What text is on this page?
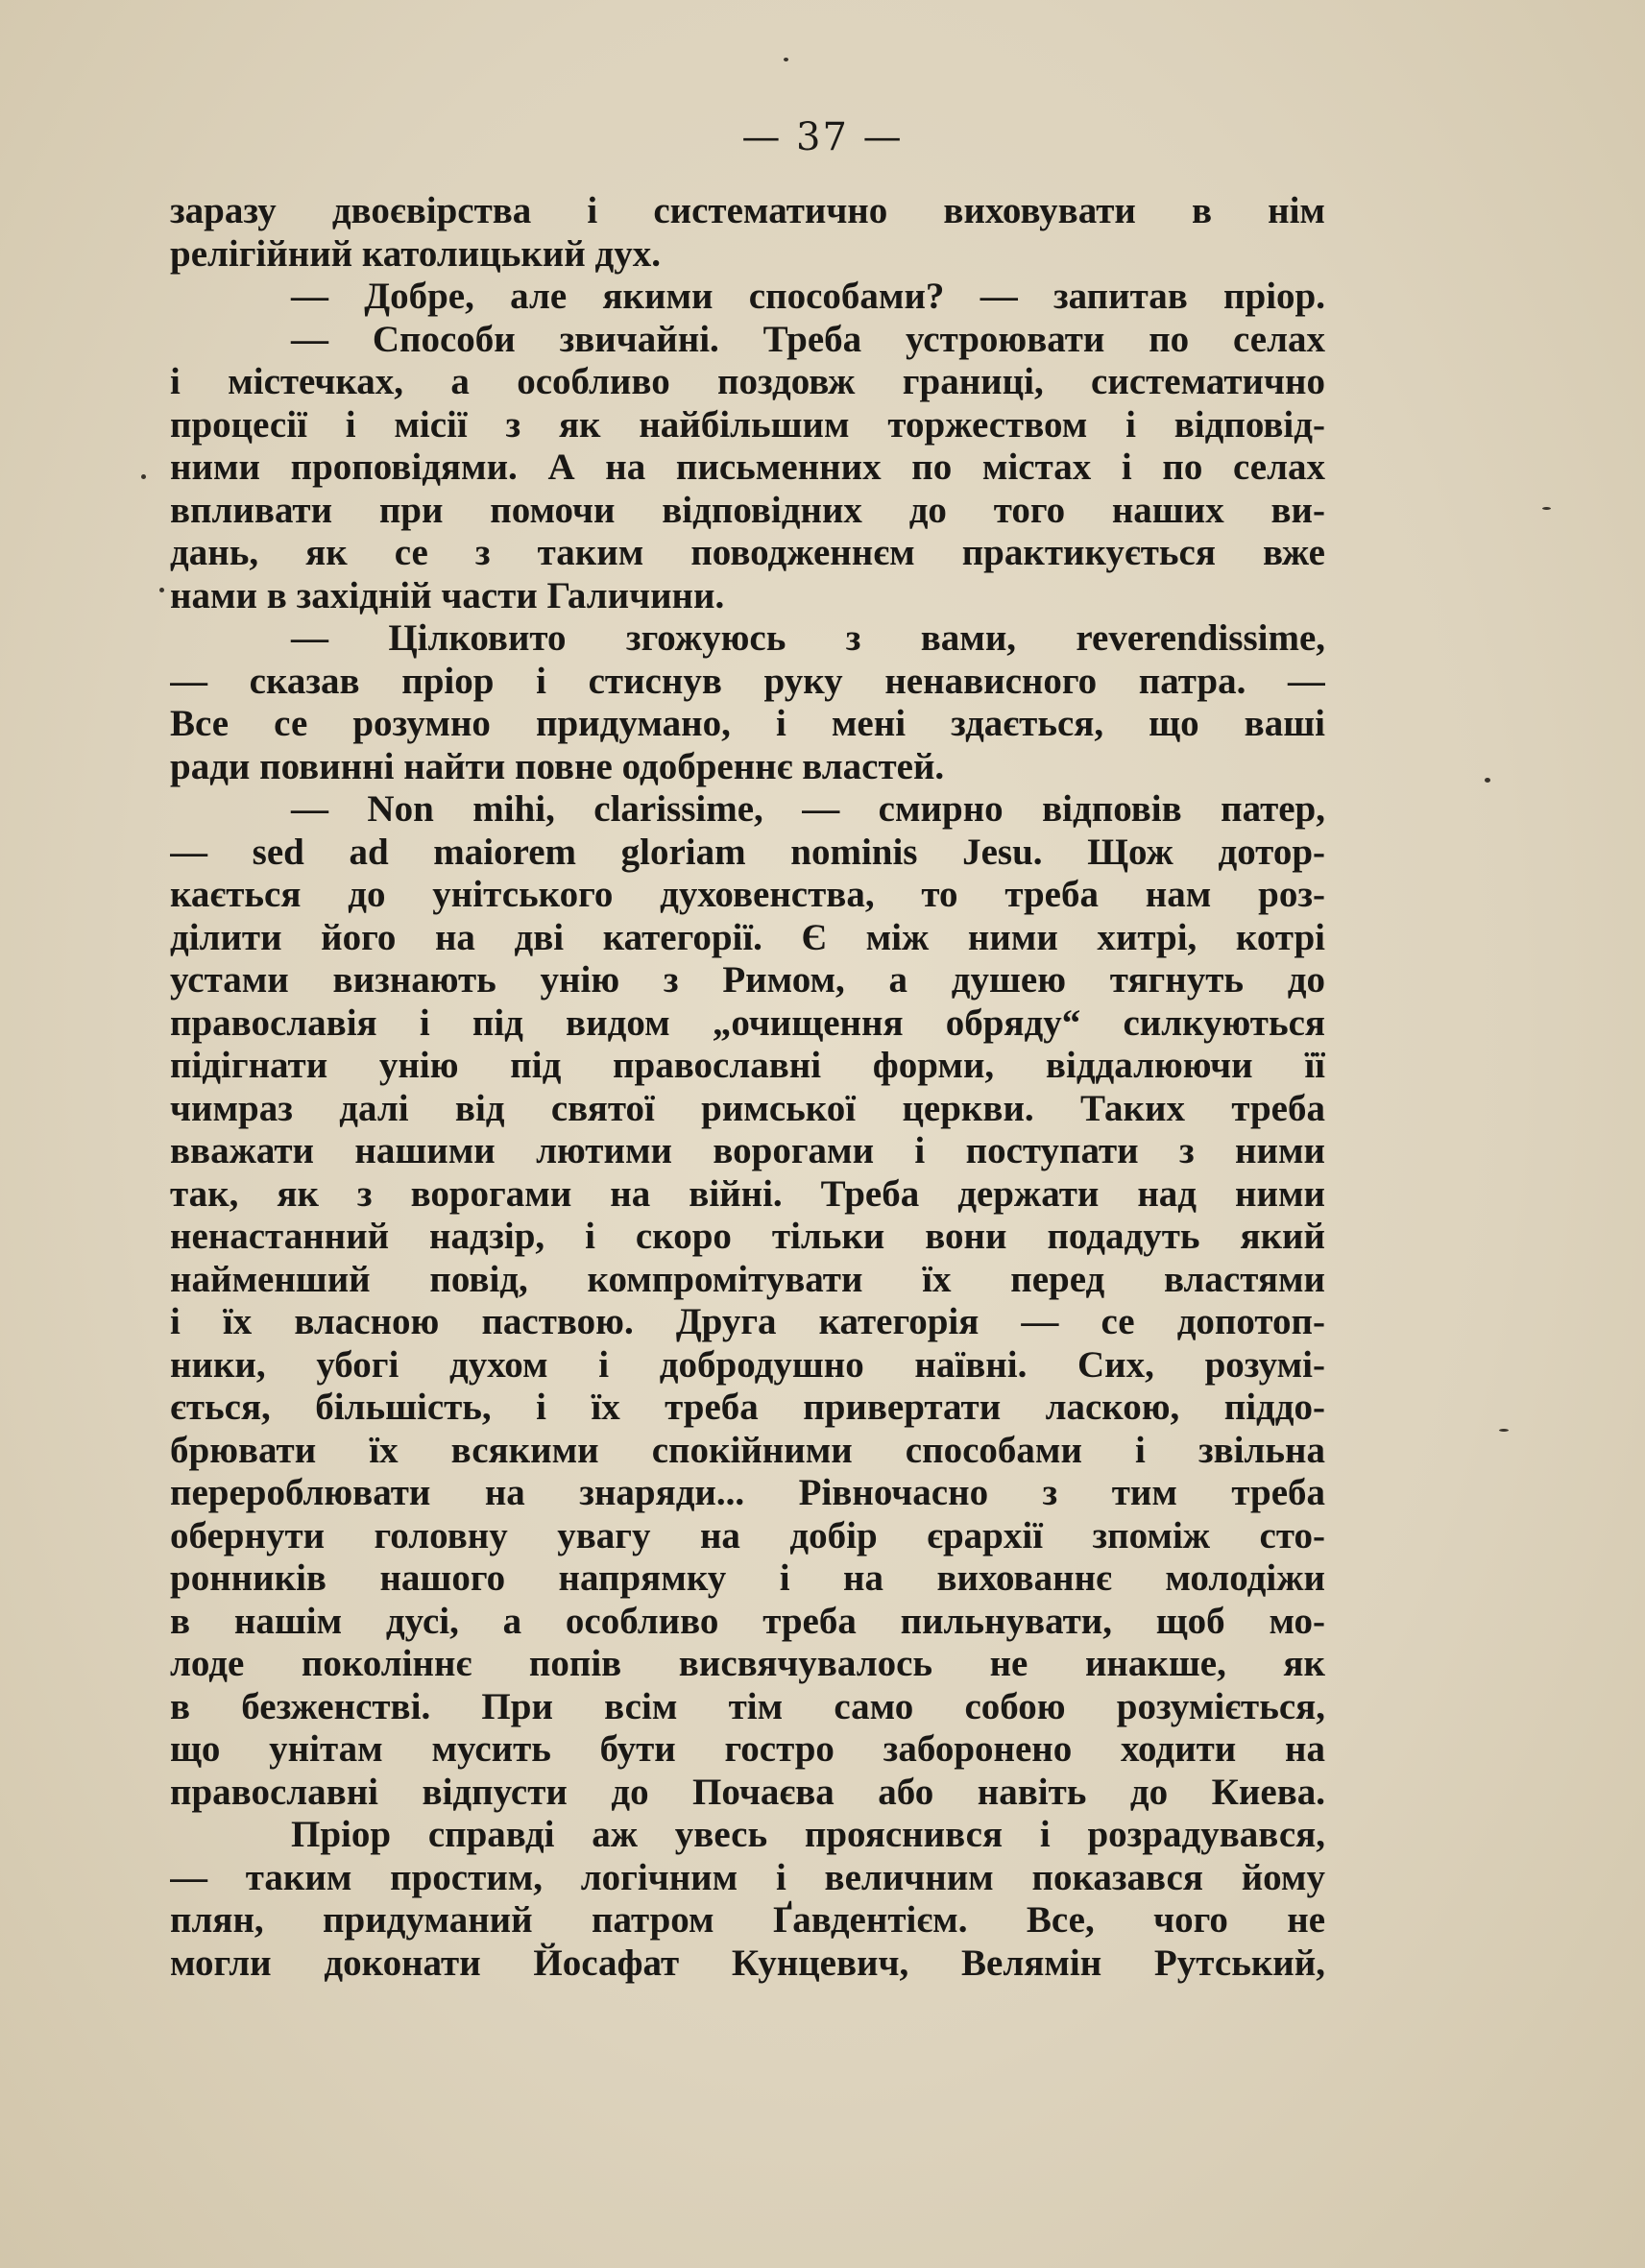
— 37 —
заразу двоєвірства і систематично виховувати в нім
релігійний католицький дух.
— Добре, але якими способами? — запитав пріор.
— Способи звичайні. Треба устроювати по селах
і містечках, а особливо поздовж границі, систематично
процесії і місії з як найбільшим торжеством і відповід-
ними проповідями. А на письменних по містах і по селах
впливати при помочи відповідних до того наших ви-
дань, як се з таким поводженнєм практикується вже
нами в західній части Галичини.
— Цілковито згожуюсь з вами, reverendissime,
— сказав пріор і стиснув руку ненависного патра. —
Все се розумно придумано, і мені здається, що ваші
ради повинні найти повне одобреннє властей.
— Non mihi, clarissime, — смирно відповів патер,
— sed ad maiorem gloriam nominis Jesu. Щож дотор-
кається до унітського духовенства, то треба нам роз-
ділити його на дві категорії. Є між ними хитрі, котрі
устами визнають унію з Римом, а душею тягнуть до
православія і під видом „очищення обряду“ силкуються
підігнати унію під православні форми, віддалюючи її
чимраз далі від святої римської церкви. Таких треба
вважати нашими лютими ворогами і поступати з ними
так, як з ворогами на війні. Треба держати над ними
ненастанний надзір, і скоро тільки вони подадуть який
найменший повід, компромітувати їх перед властями
і їх власною паствою. Друга категорія — се допотоп-
ники, убогі духом і добродушно наївні. Сих, розумі-
ється, більшість, і їх треба привертати ласкою, піддо-
брювати їх всякими спокійними способами і звільна
перероблювати на знаряди... Рівночасно з тим треба
обернути головну увагу на добір єрархії зпоміж сто-
ронників нашого напрямку і на вихованнє молодіжи
в нашім дусі, а особливо треба пильнувати, щоб мо-
лоде поколіннє попів висвячувалось не инакше, як
в безженстві. При всім тім само собою розуміється,
що унітам мусить бути гостро заборонено ходити на
православні відпусти до Почаєва або навіть до Киева.
Пріор справді аж увесь прояснився і розрадувався,
— таким простим, логічним і величним показався йому
плян, придуманий патром Ґавдентієм. Все, чого не
могли доконати Йосафат Кунцевич, Велямін Рутський,
